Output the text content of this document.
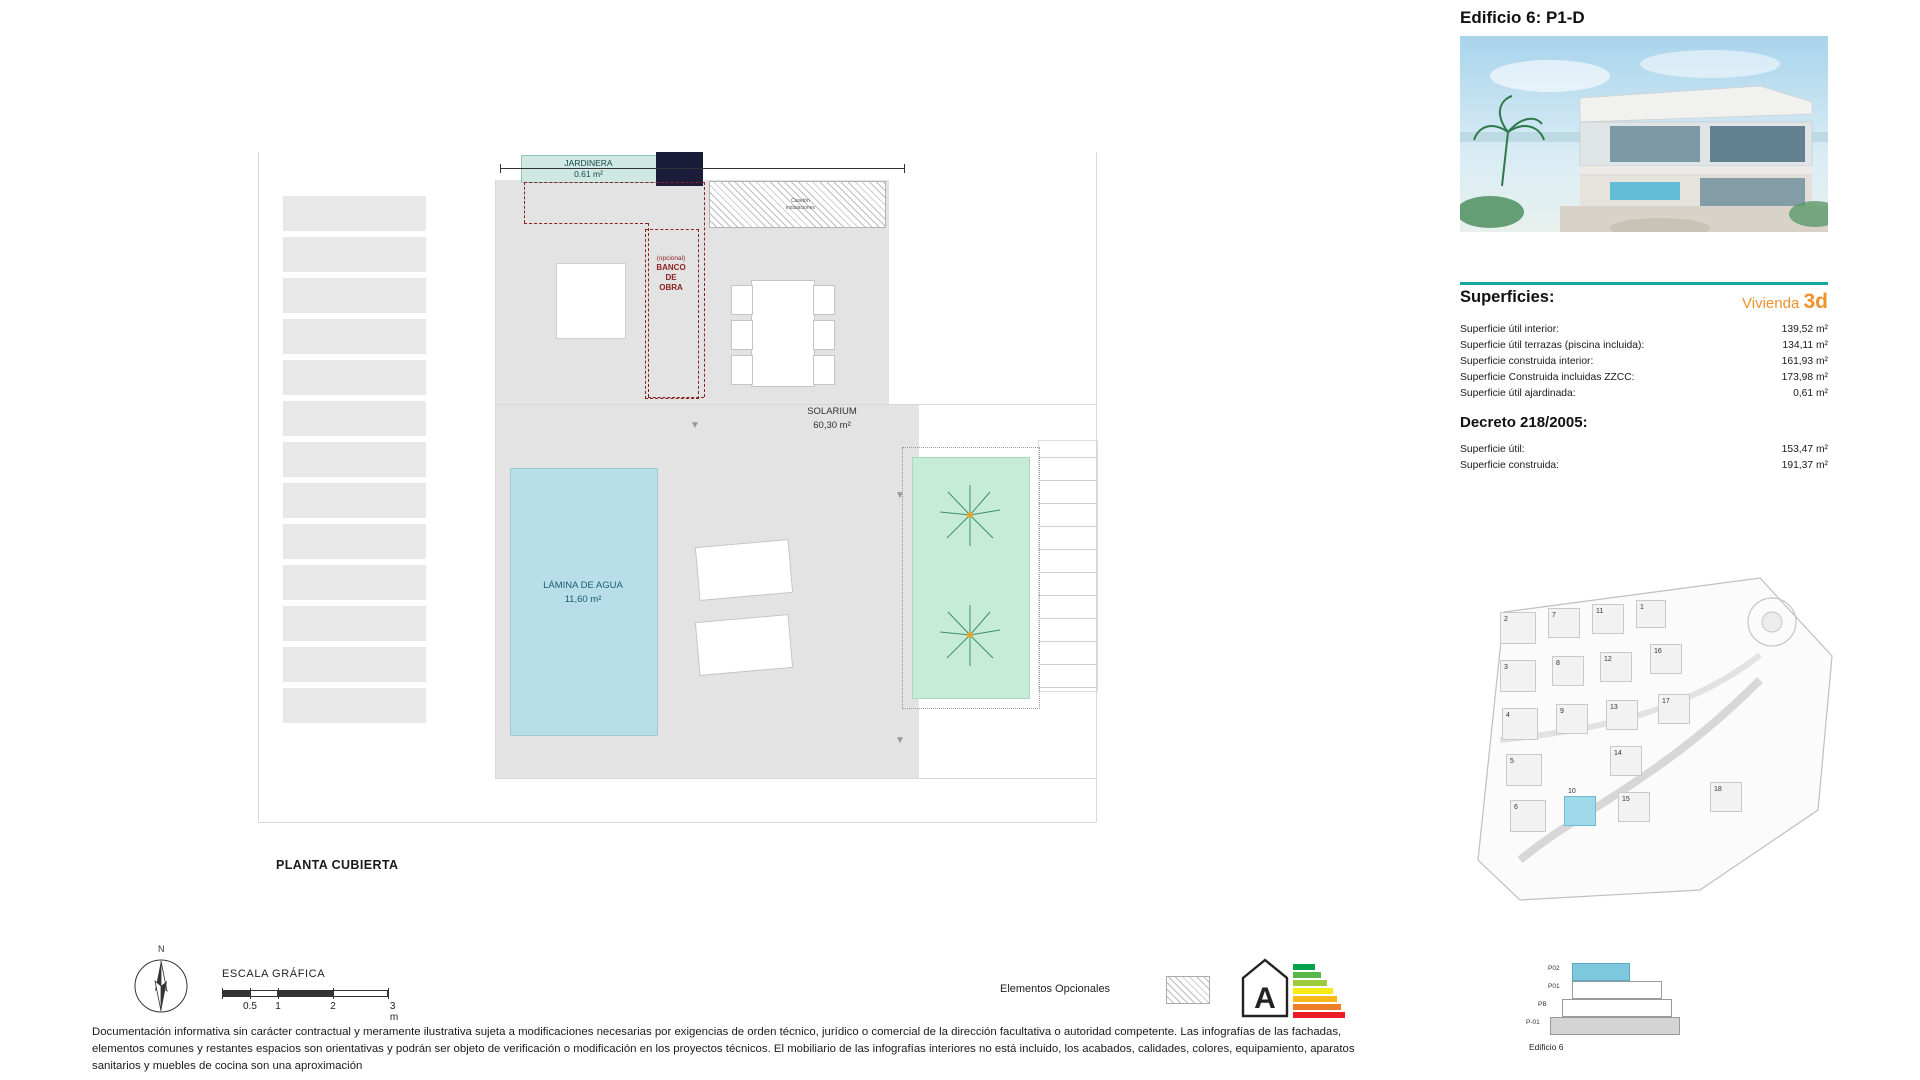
Casetón
instalaciones
JARDINERA
0.61 m²
(opcional)
BANCO
DE
OBRA
LÁMINA DE AGUA
11,60 m²
SOLARIUM
60,30 m²
▼
▼
▼
PLANTA CUBIERTA
N
ESCALA GRÁFICA
0.5 1	2	3 m
Elementos Opcionales	A
Documentación informativa sin carácter contractual y meramente ilustrativa sujeta a modificaciones necesarias por exigencias de orden técnico, jurídico o comercial de la dirección facultativa o autoridad competente. Las infografías de las fachadas, elementos comunes y restantes espacios son orientativas y podrán ser objeto de verificación o modificación en los proyectos técnicos. El mobiliario de las infografías interiores no está incluido, los acabados, calidades, colores, equipamiento, aparatos sanitarios y muebles de cocina son una aproximación
Edificio 6: P1-D
Superficies:	Vivienda 3d
Superficie útil interior:	139,52 m²
Superficie útil terrazas (piscina incluida):	134,11 m²
Superficie construida interior:	161,93 m²
Superficie Construida incluidas ZZCC:	173,98 m²
Superficie útil ajardinada:	0,61 m²
Decreto 218/2005:
Superficie útil:	153,47 m²
Superficie construida:	191,37 m²
2
7
11
1
3
8
12
16
4
9
13
17
5
14
6
10
15
18
P02
P01
PB
P-01
Edificio 6
